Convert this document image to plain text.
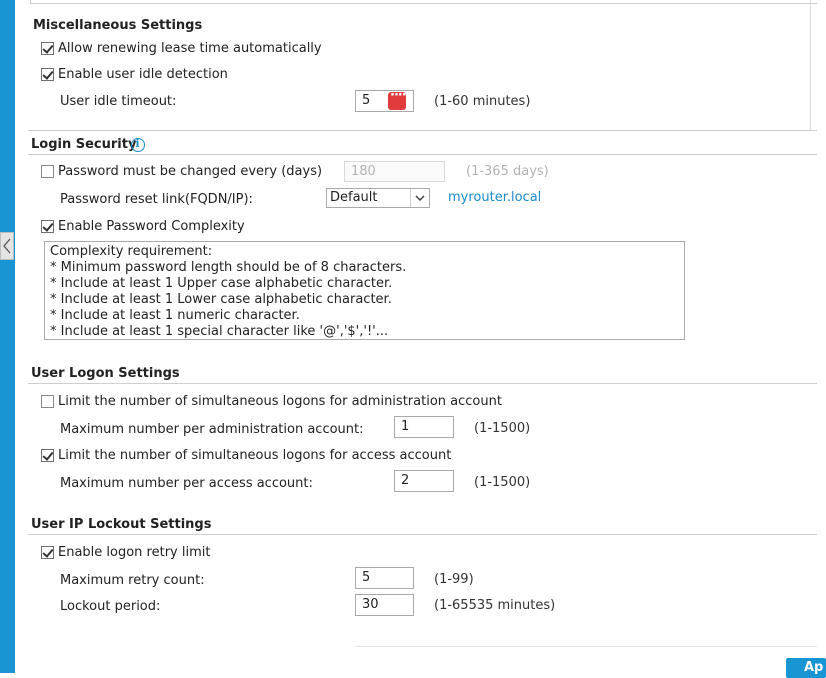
Miscellaneous Settings
Allow renewing lease time automatically
Enable user idle detection
User idle timeout:	5
····	(1-60 minutes)
Login Security
i
Password must be changed every (days)	180	(1-365 days)
Password reset link(FQDN/IP):	Default	myrouter.local
Enable Password Complexity
Complexity requirement:
* Minimum password length should be of 8 characters.
* Include at least 1 Upper case alphabetic character.
* Include at least 1 Lower case alphabetic character.
* Include at least 1 numeric character.
* Include at least 1 special character like '@','$','!'...
User Logon Settings
Limit the number of simultaneous logons for administration account
Maximum number per administration account:	1	(1-1500)
Limit the number of simultaneous logons for access account
Maximum number per access account:	2	(1-1500)
User IP Lockout Settings
Enable logon retry limit
Maximum retry count:	5	(1-99)
Lockout period:	30	(1-65535 minutes)
Ap
